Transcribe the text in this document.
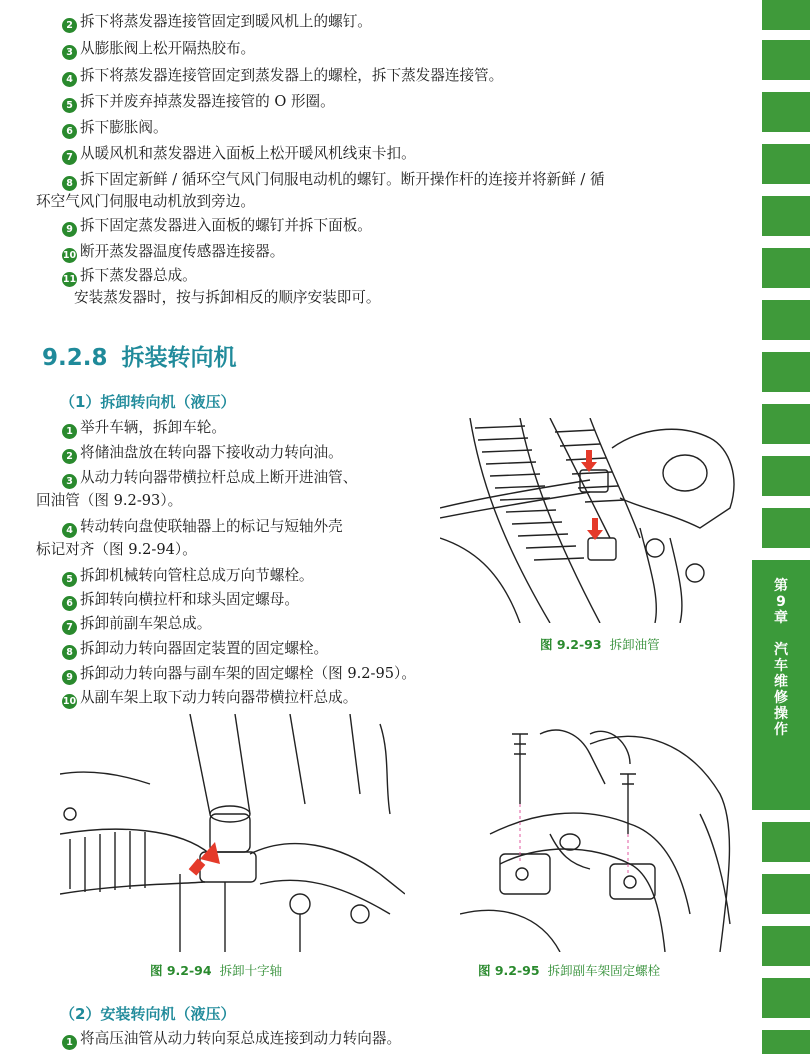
2 拆下将蒸发器连接管固定到暖风机上的螺钉。
3 从膨胀阀上松开隔热胶布。
4 拆下将蒸发器连接管固定到蒸发器上的螺栓，拆下蒸发器连接管。
5 拆下并废弃掉蒸发器连接管的 O 形圈。
6 拆下膨胀阀。
7 从暖风机和蒸发器进入面板上松开暖风机线束卡扣。
8 拆下固定新鲜 / 循环空气风门伺服电动机的螺钉。断开操作杆的连接并将新鲜 / 循
环空气风门伺服电动机放到旁边。
9 拆下固定蒸发器进入面板的螺钉并拆下面板。
10 断开蒸发器温度传感器连接器。
11 拆下蒸发器总成。
安装蒸发器时，按与拆卸相反的顺序安装即可。
9.2.8 拆装转向机
（1）拆卸转向机（液压）
1 举升车辆，拆卸车轮。
2 将储油盘放在转向器下接收动力转向油。
3 从动力转向器带横拉杆总成上断开进油管、
回油管（图 9.2-93）。
4 转动转向盘使联轴器上的标记与短轴外壳
标记对齐（图 9.2-94）。
5 拆卸机械转向管柱总成万向节螺栓。
6 拆卸转向横拉杆和球头固定螺母。
7 拆卸前副车架总成。
8 拆卸动力转向器固定装置的固定螺栓。
9 拆卸动力转向器与副车架的固定螺栓（图 9.2-95）。
10 从副车架上取下动力转向器带横拉杆总成。
图 9.2-93 拆卸油管
图 9.2-94 拆卸十字轴	图 9.2-95 拆卸副车架固定螺栓
（2）安装转向机（液压）
1 将高压油管从动力转向泵总成连接到动力转向器。
第
9
章
汽
车
维
修
操
作
